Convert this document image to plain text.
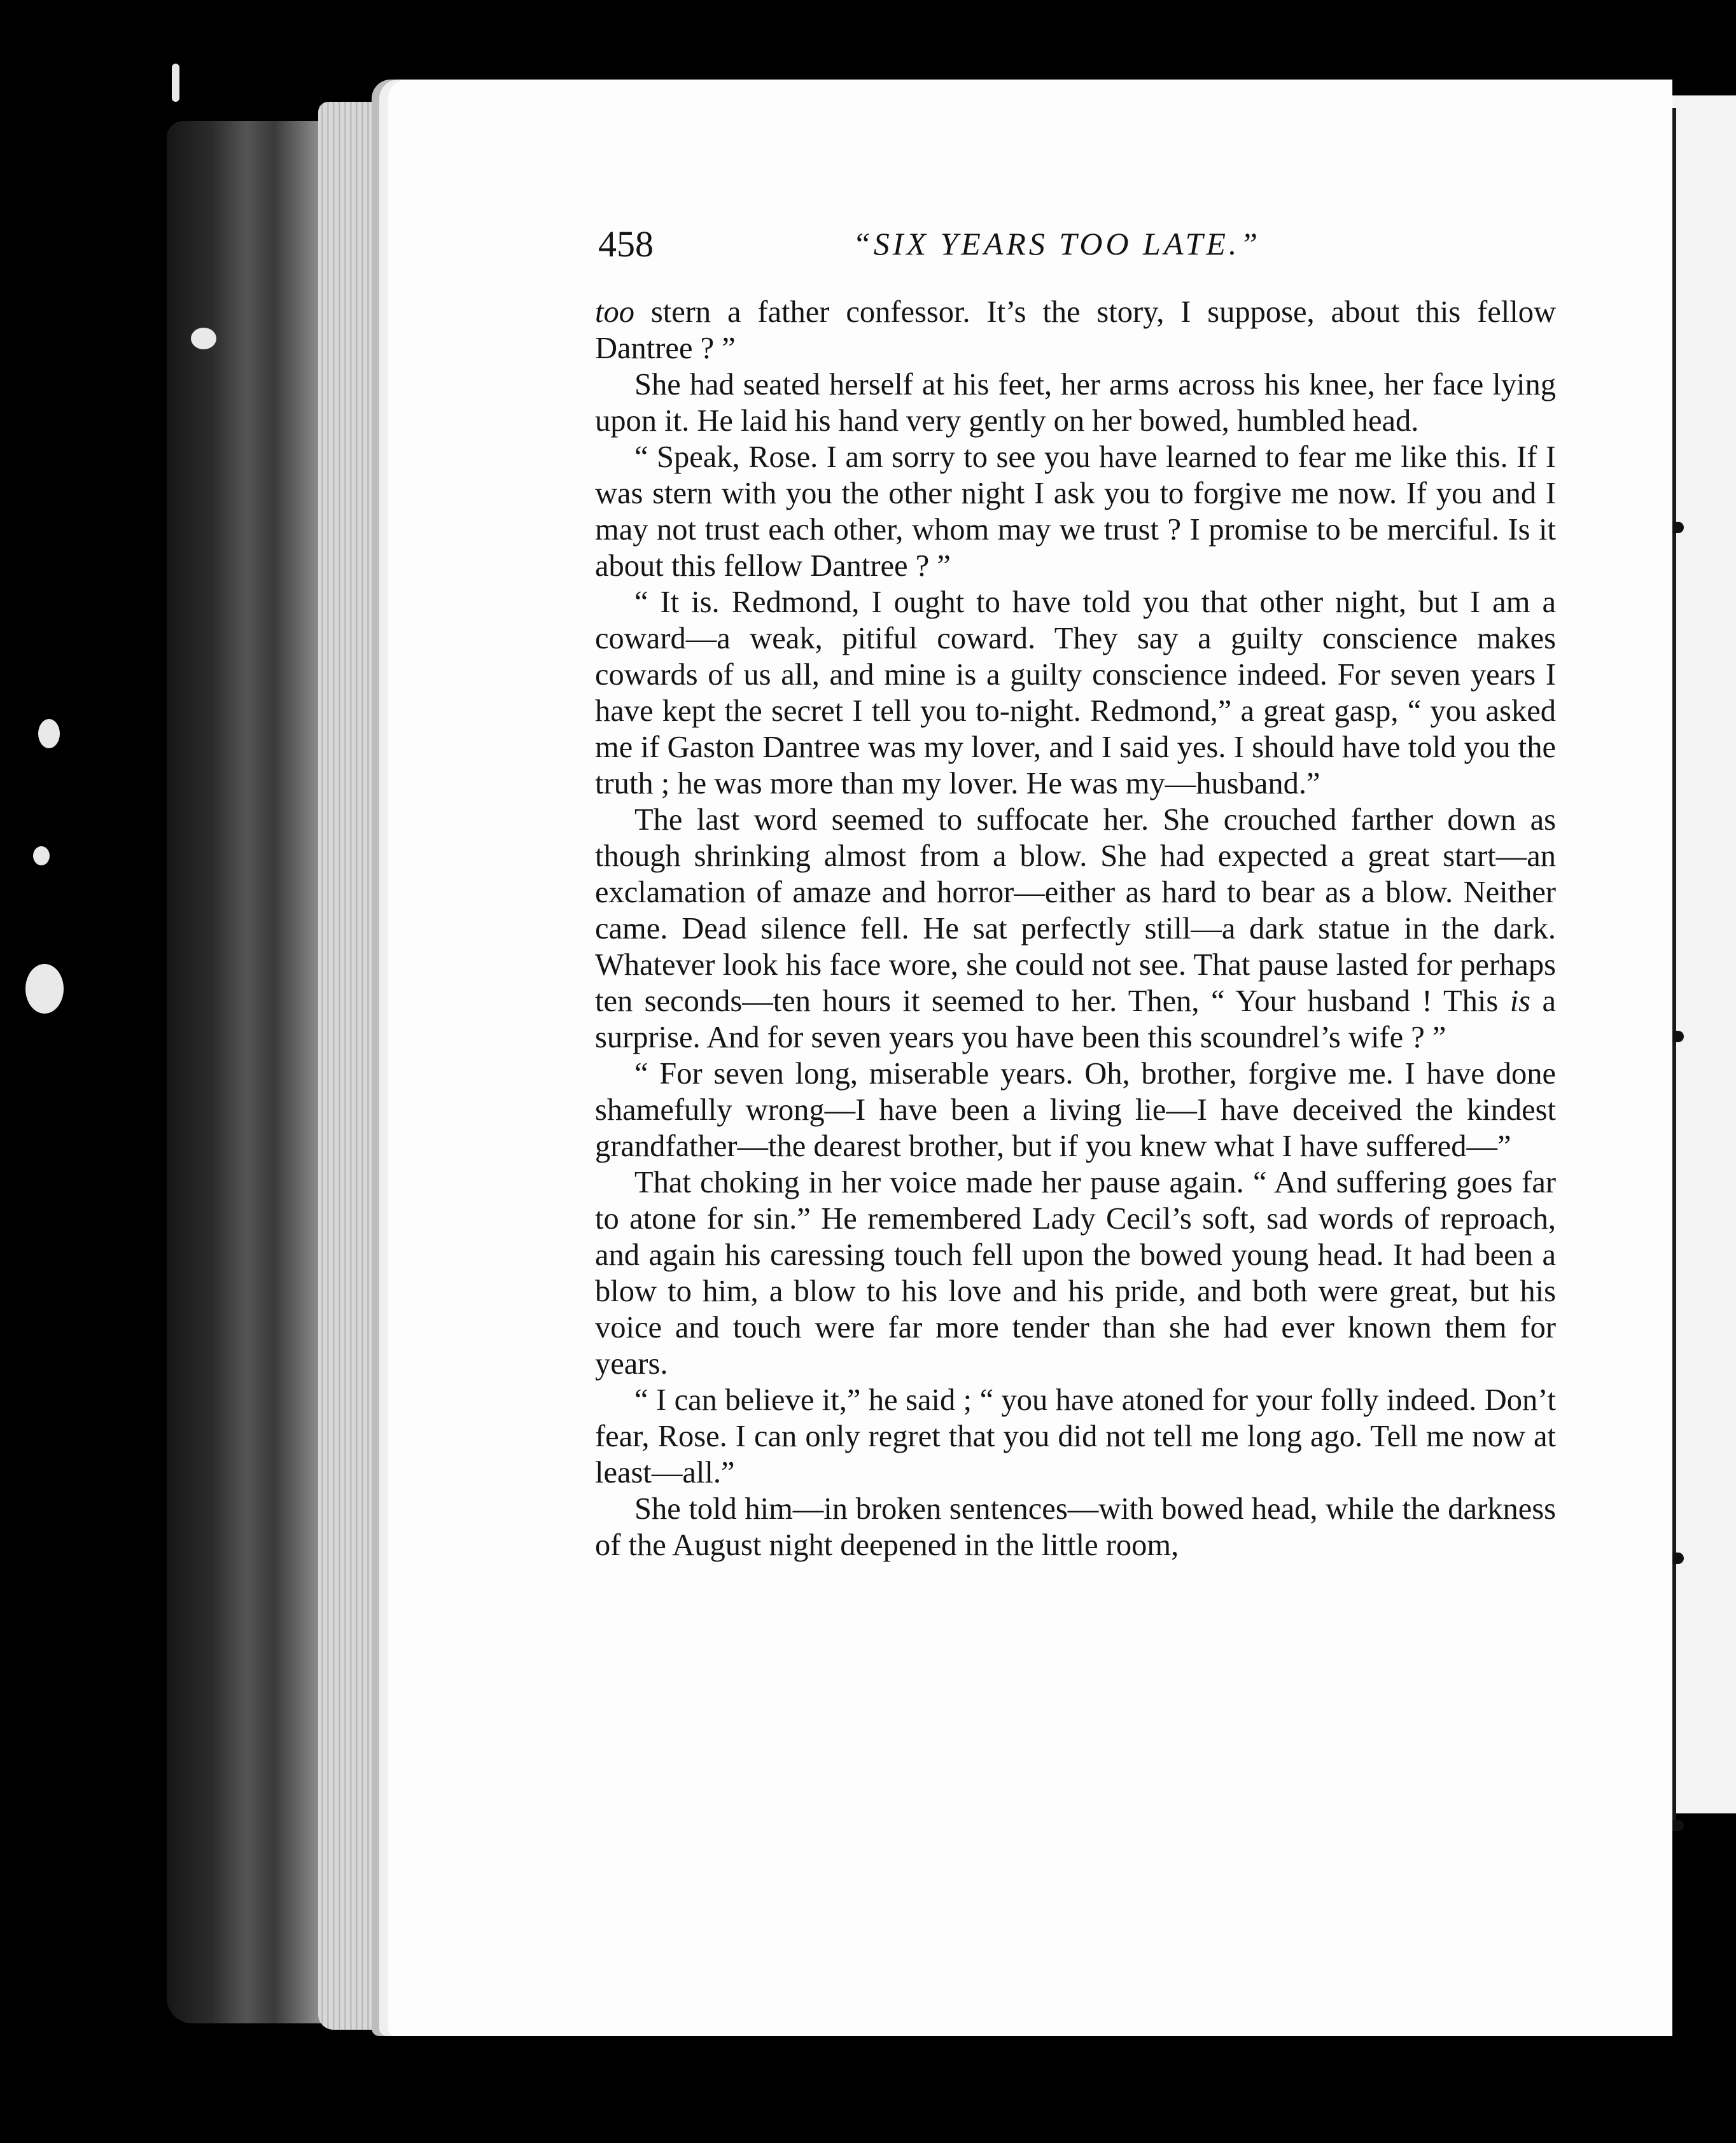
458	“SIX YEARS TOO LATE.”

too stern a father confessor. It’s the story, I suppose, about this fellow Dantree ? ”

She had seated herself at his feet, her arms across his knee, her face lying upon it. He laid his hand very gently on her bowed, humbled head.

“ Speak, Rose. I am sorry to see you have learned to fear me like this. If I was stern with you the other night I ask you to forgive me now. If you and I may not trust each other, whom may we trust ? I promise to be merciful. Is it about this fellow Dantree ? ”

“ It is. Redmond, I ought to have told you that other night, but I am a coward—a weak, pitiful coward. They say a guilty conscience makes cowards of us all, and mine is a guilty conscience indeed. For seven years I have kept the secret I tell you to-night. Redmond,” a great gasp, “ you asked me if Gaston Dantree was my lover, and I said yes. I should have told you the truth ; he was more than my lover. He was my—husband.”

The last word seemed to suffocate her. She crouched farther down as though shrinking almost from a blow. She had expected a great start—an exclamation of amaze and horror—either as hard to bear as a blow. Neither came. Dead silence fell. He sat perfectly still—a dark statue in the dark. Whatever look his face wore, she could not see. That pause lasted for perhaps ten seconds—ten hours it seemed to her. Then, “ Your husband ! This is a surprise. And for seven years you have been this scoundrel’s wife ? ”

“ For seven long, miserable years. Oh, brother, forgive me. I have done shamefully wrong—I have been a living lie—I have deceived the kindest grandfather—the dearest brother, but if you knew what I have suffered—”

That choking in her voice made her pause again. “ And suffering goes far to atone for sin.” He remembered Lady Cecil’s soft, sad words of reproach, and again his caressing touch fell upon the bowed young head. It had been a blow to him, a blow to his love and his pride, and both were great, but his voice and touch were far more tender than she had ever known them for years.

“ I can believe it,” he said ; “ you have atoned for your folly indeed. Don’t fear, Rose. I can only regret that you did not tell me long ago. Tell me now at least—all.”

She told him—in broken sentences—with bowed head, while the darkness of the August night deepened in the little room,
